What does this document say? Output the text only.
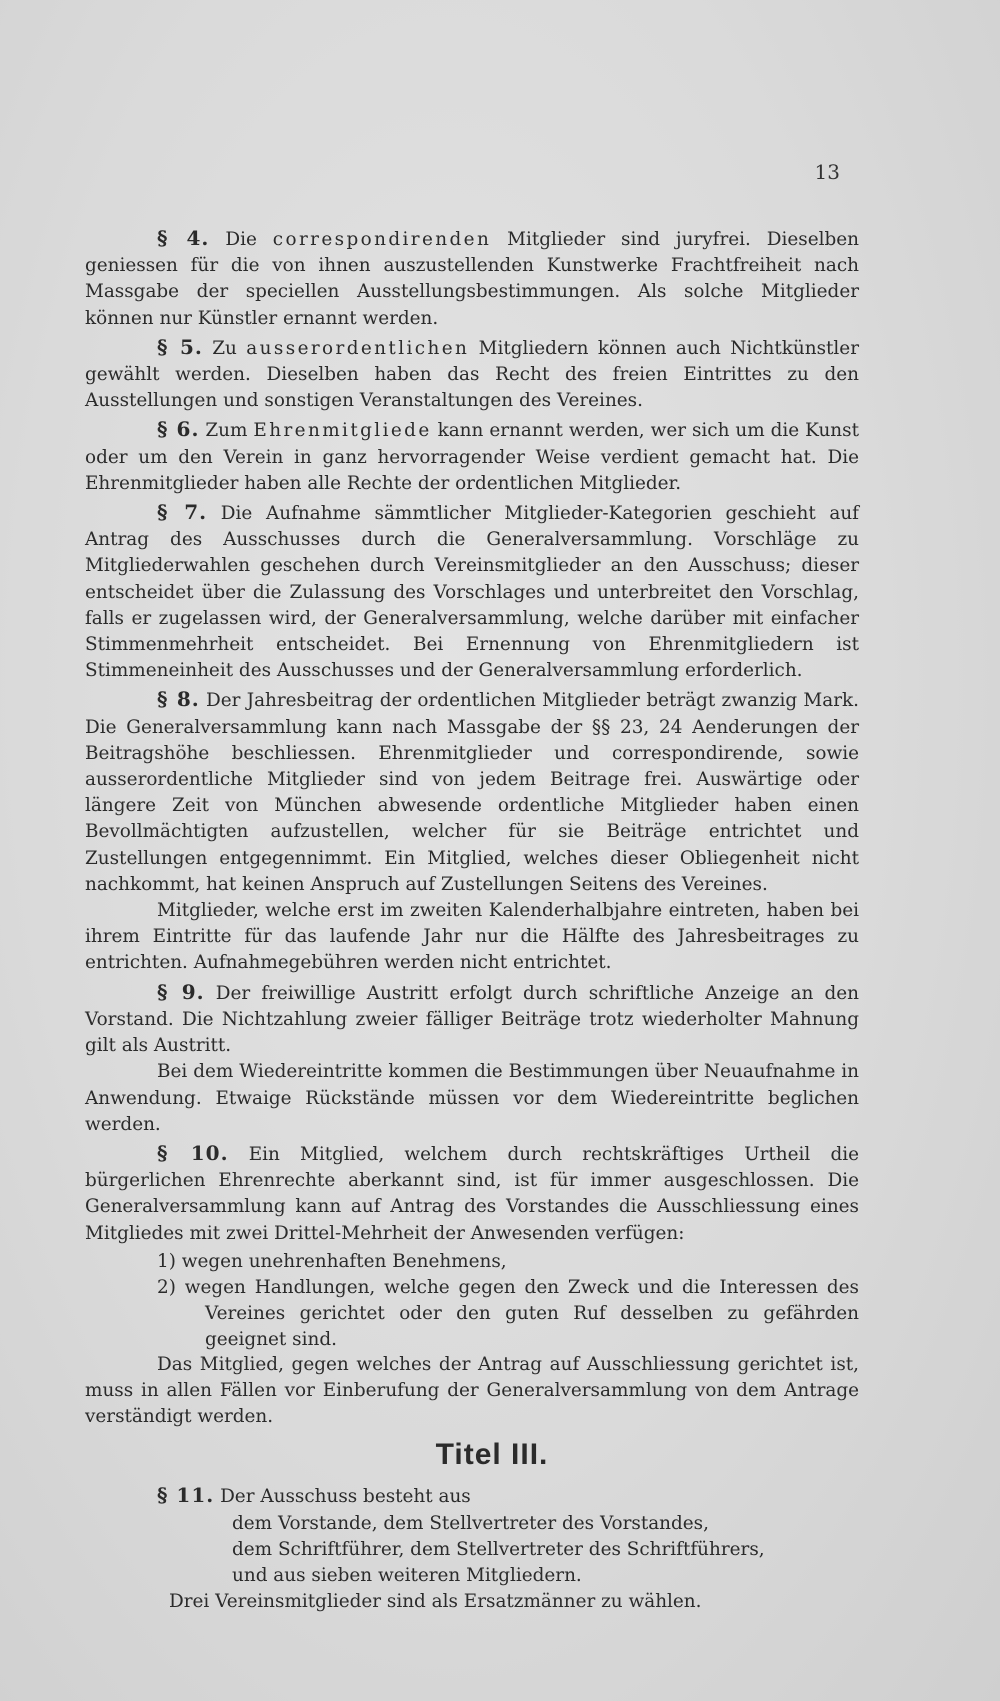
13

§ 4. Die correspondirenden Mitglieder sind juryfrei. Dieselben geniessen für die von ihnen auszustellenden Kunstwerke Frachtfreiheit nach Massgabe der speciellen Ausstellungsbestimmungen. Als solche Mitglieder können nur Künstler ernannt werden.

§ 5. Zu ausserordentlichen Mitgliedern können auch Nichtkünstler gewählt werden. Dieselben haben das Recht des freien Eintrittes zu den Ausstellungen und sonstigen Veranstaltungen des Vereines.

§ 6. Zum Ehrenmitgliede kann ernannt werden, wer sich um die Kunst oder um den Verein in ganz hervorragender Weise verdient gemacht hat. Die Ehrenmitglieder haben alle Rechte der ordentlichen Mitglieder.

§ 7. Die Aufnahme sämmtlicher Mitglieder-Kategorien geschieht auf Antrag des Ausschusses durch die Generalversammlung. Vorschläge zu Mitgliederwahlen geschehen durch Vereinsmitglieder an den Ausschuss; dieser entscheidet über die Zulassung des Vorschlages und unterbreitet den Vorschlag, falls er zugelassen wird, der Generalversammlung, welche darüber mit einfacher Stimmenmehrheit entscheidet. Bei Ernennung von Ehrenmitgliedern ist Stimmeneinheit des Ausschusses und der Generalversammlung erforderlich.

§ 8. Der Jahresbeitrag der ordentlichen Mitglieder beträgt zwanzig Mark. Die Generalversammlung kann nach Massgabe der §§ 23, 24 Aenderungen der Beitragshöhe beschliessen. Ehrenmitglieder und correspondirende, sowie ausserordentliche Mitglieder sind von jedem Beitrage frei. Auswärtige oder längere Zeit von München abwesende ordentliche Mitglieder haben einen Bevollmächtigten aufzustellen, welcher für sie Beiträge entrichtet und Zustellungen entgegennimmt. Ein Mitglied, welches dieser Obliegenheit nicht nachkommt, hat keinen Anspruch auf Zustellungen Seitens des Vereines.

Mitglieder, welche erst im zweiten Kalenderhalbjahre eintreten, haben bei ihrem Eintritte für das laufende Jahr nur die Hälfte des Jahresbeitrages zu entrichten. Aufnahmegebühren werden nicht entrichtet.

§ 9. Der freiwillige Austritt erfolgt durch schriftliche Anzeige an den Vorstand. Die Nichtzahlung zweier fälliger Beiträge trotz wiederholter Mahnung gilt als Austritt.

Bei dem Wiedereintritte kommen die Bestimmungen über Neuaufnahme in Anwendung. Etwaige Rückstände müssen vor dem Wiedereintritte beglichen werden.

§ 10. Ein Mitglied, welchem durch rechtskräftiges Urtheil die bürgerlichen Ehrenrechte aberkannt sind, ist für immer ausgeschlossen. Die Generalversammlung kann auf Antrag des Vorstandes die Ausschliessung eines Mitgliedes mit zwei Drittel-Mehrheit der Anwesenden verfügen:

1) wegen unehrenhaften Benehmens,

2) wegen Handlungen, welche gegen den Zweck und die Interessen des Vereines gerichtet oder den guten Ruf desselben zu gefährden geeignet sind.

Das Mitglied, gegen welches der Antrag auf Ausschliessung gerichtet ist, muss in allen Fällen vor Einberufung der Generalversammlung von dem Antrage verständigt werden.

Titel III.
§ 11. Der Ausschuss besteht aus
dem Vorstande, dem Stellvertreter des Vorstandes,
dem Schriftführer, dem Stellvertreter des Schriftführers,
und aus sieben weiteren Mitgliedern.

Drei Vereinsmitglieder sind als Ersatzmänner zu wählen.
